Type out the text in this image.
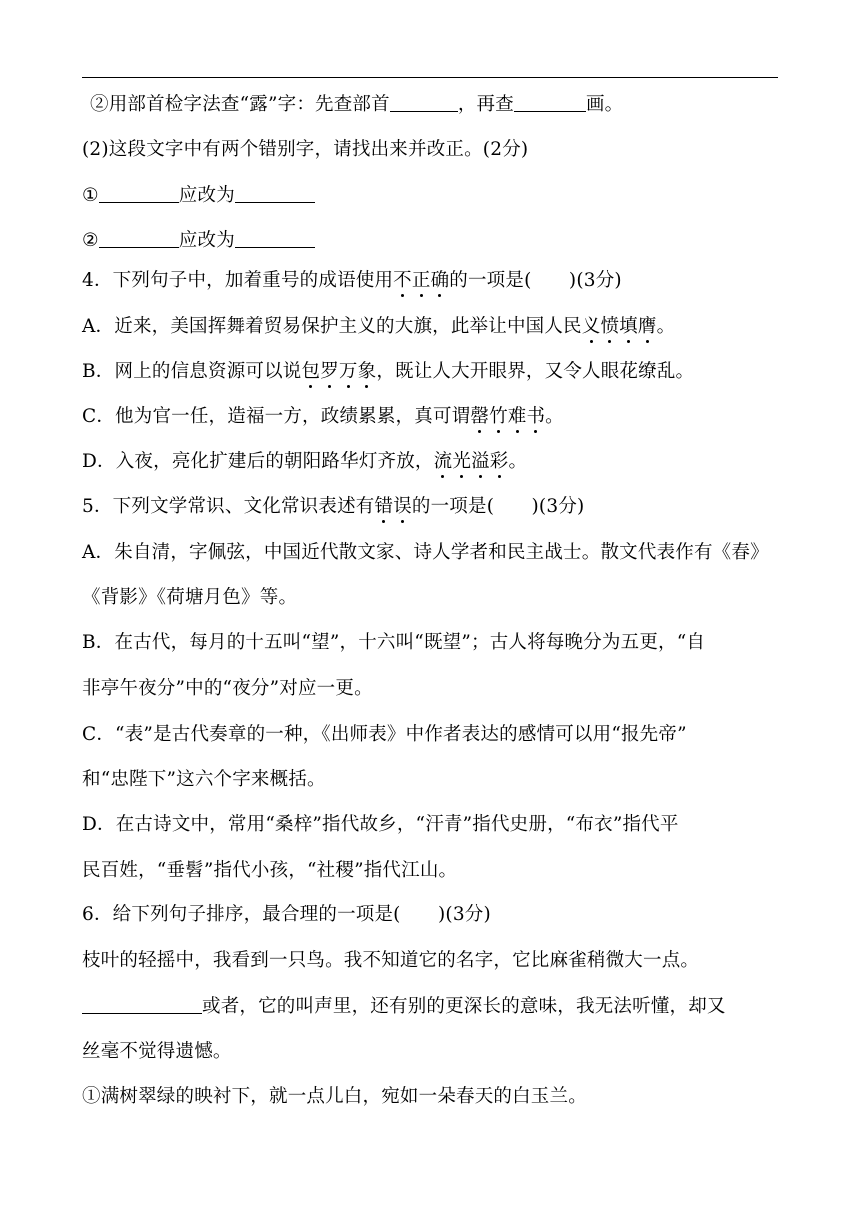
②用部首检字法查“露”字：先查部首	，再查	画。
(2)这段文字中有两个错别字，请找出来并改正。(2分)
①	应改为
②	应改为
4．下列句子中，加着重号的成语使用不正确的一项是(　　)(3分)
A．近来，美国挥舞着贸易保护主义的大旗，此举让中国人民义愤填膺。
B．网上的信息资源可以说包罗万象，既让人大开眼界，又令人眼花缭乱。
C．他为官一任，造福一方，政绩累累，真可谓罄竹难书。
D．入夜，亮化扩建后的朝阳路华灯齐放，流光溢彩。
5．下列文学常识、文化常识表述有错误的一项是(　　)(3分)
A．朱自清，字佩弦，中国近代散文家、诗人学者和民主战士。散文代表作有《春》
《背影》《荷塘月色》等。
B．在古代，每月的十五叫“望”，十六叫“既望”；古人将每晚分为五更，“自
非亭午夜分”中的“夜分”对应一更。
C．“表”是古代奏章的一种，《出师表》中作者表达的感情可以用“报先帝”
和“忠陛下”这六个字来概括。
D．在古诗文中，常用“桑梓”指代故乡，“汗青”指代史册，“布衣”指代平
民百姓，“垂髫”指代小孩，“社稷”指代江山。
6．给下列句子排序，最合理的一项是(　　)(3分)
枝叶的轻摇中，我看到一只鸟。我不知道它的名字，它比麻雀稍微大一点。
或者，它的叫声里，还有别的更深长的意味，我无法听懂，却又
丝毫不觉得遗憾。
①满树翠绿的映衬下，就一点儿白，宛如一朵春天的白玉兰。
